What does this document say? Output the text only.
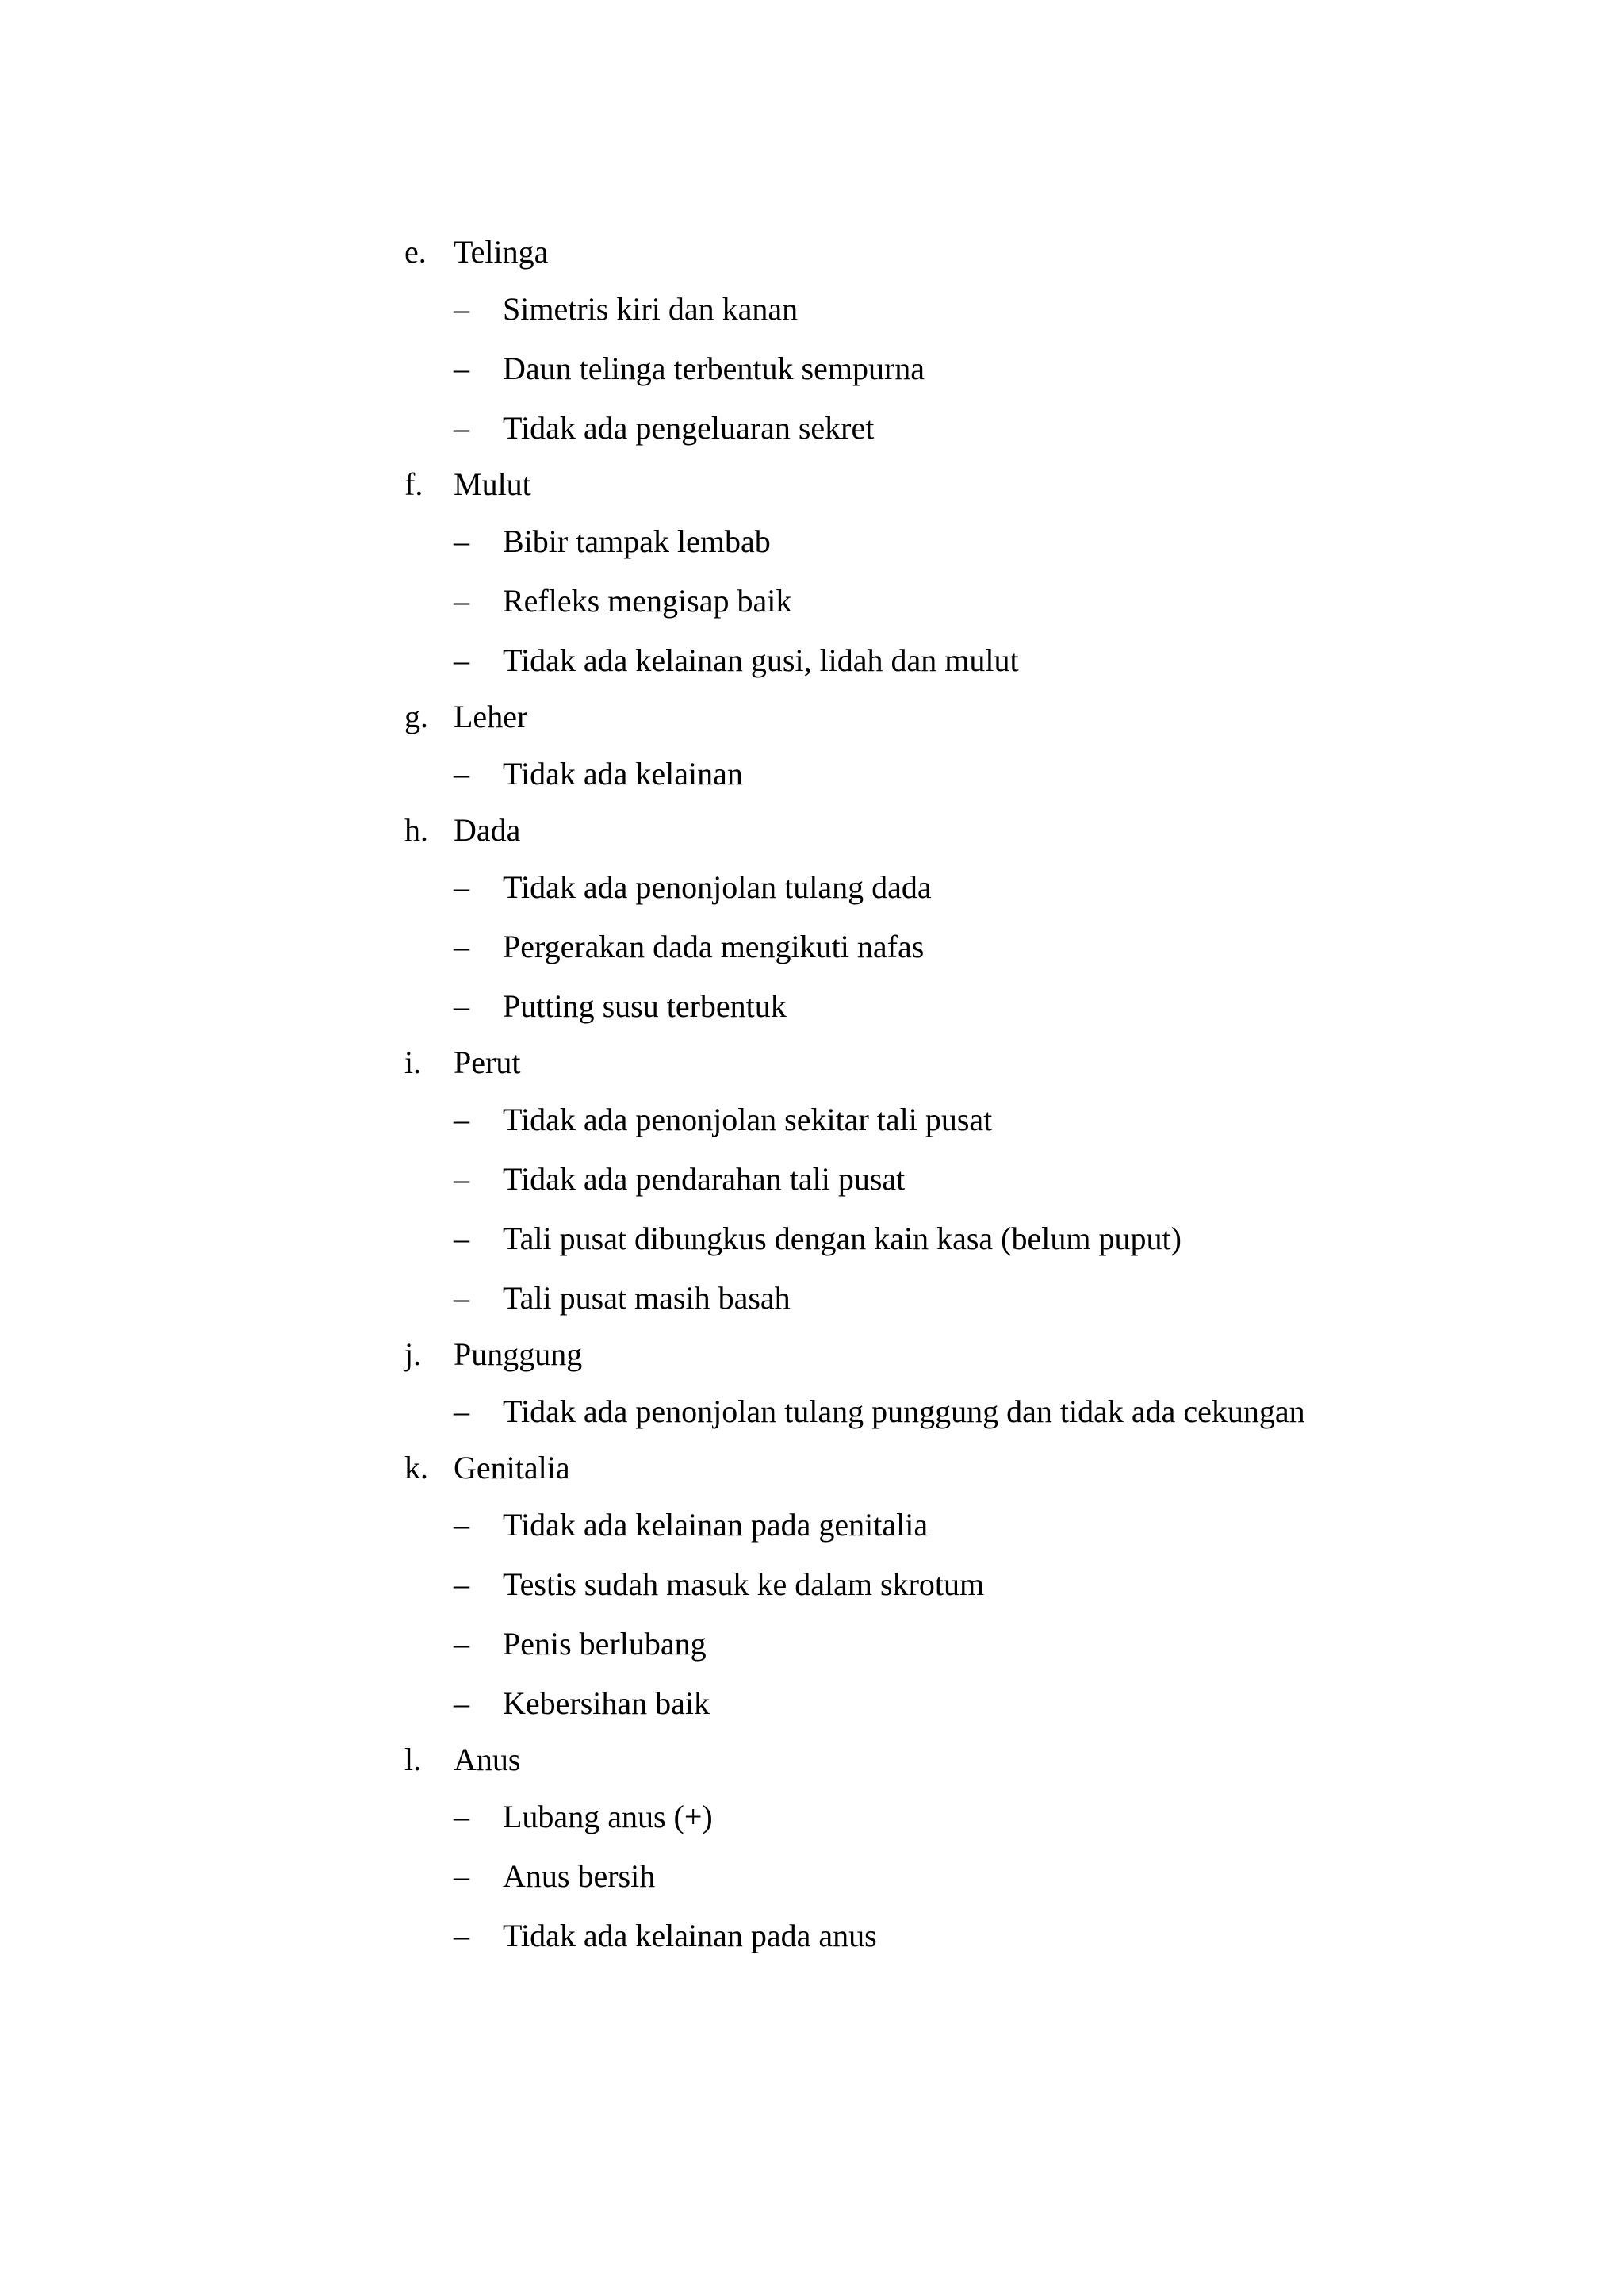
e. Telinga
– Simetris kiri dan kanan
– Daun telinga terbentuk sempurna
– Tidak ada pengeluaran sekret
f. Mulut
– Bibir tampak lembab
– Refleks mengisap baik
– Tidak ada kelainan gusi, lidah dan mulut
g. Leher
– Tidak ada kelainan
h. Dada
– Tidak ada penonjolan tulang dada
– Pergerakan dada mengikuti nafas
– Putting susu terbentuk
i. Perut
– Tidak ada penonjolan sekitar tali pusat
– Tidak ada pendarahan tali pusat
– Tali pusat dibungkus dengan kain kasa (belum puput)
– Tali pusat masih basah
j. Punggung
– Tidak ada penonjolan tulang punggung dan tidak ada cekungan
k. Genitalia
– Tidak ada kelainan pada genitalia
– Testis sudah masuk ke dalam skrotum
– Penis berlubang
– Kebersihan baik
l. Anus
– Lubang anus (+)
– Anus bersih
– Tidak ada kelainan pada anus
